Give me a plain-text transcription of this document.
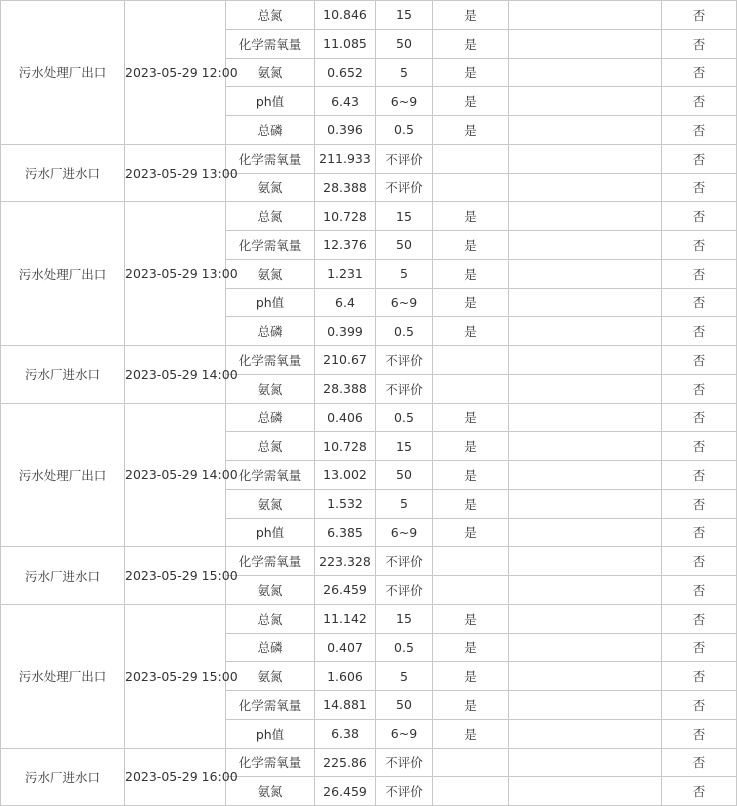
污水处理厂出口	2023-05-29 12:00	总氮	10.846	15	是		否	
		化学需氧量	11.085	50	是		否	
		氨氮	0.652	5	是		否	
		ph值	6.43	6~9	是		否	
		总磷	0.396	0.5	是		否	
污水厂进水口	2023-05-29 13:00	化学需氧量	211.933	不评价			否	
		氨氮	28.388	不评价			否	
污水处理厂出口	2023-05-29 13:00	总氮	10.728	15	是		否	
		化学需氧量	12.376	50	是		否	
		氨氮	1.231	5	是		否	
		ph值	6.4	6~9	是		否	
		总磷	0.399	0.5	是		否	
污水厂进水口	2023-05-29 14:00	化学需氧量	210.67	不评价			否	
		氨氮	28.388	不评价			否	
污水处理厂出口	2023-05-29 14:00	总磷	0.406	0.5	是		否	
		总氮	10.728	15	是		否	
		化学需氧量	13.002	50	是		否	
		氨氮	1.532	5	是		否	
		ph值	6.385	6~9	是		否	
污水厂进水口	2023-05-29 15:00	化学需氧量	223.328	不评价			否	
		氨氮	26.459	不评价			否	
污水处理厂出口	2023-05-29 15:00	总氮	11.142	15	是		否	
		总磷	0.407	0.5	是		否	
		氨氮	1.606	5	是		否	
		化学需氧量	14.881	50	是		否	
		ph值	6.38	6~9	是		否	
污水厂进水口	2023-05-29 16:00	化学需氧量	225.86	不评价			否	
		氨氮	26.459	不评价			否	
